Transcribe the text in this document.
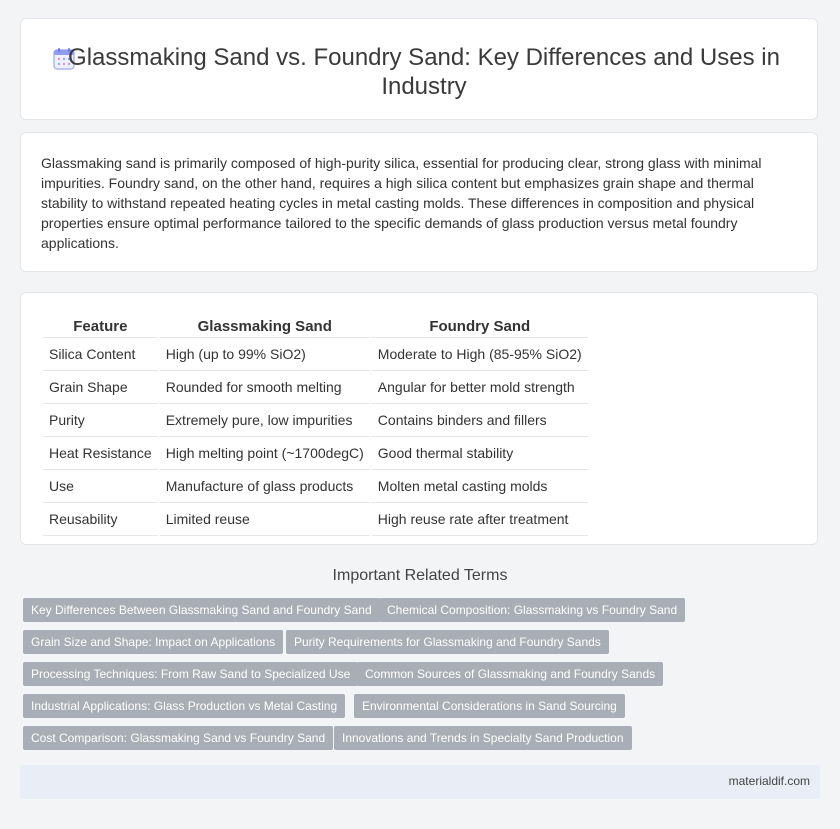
Glassmaking Sand vs. Foundry Sand: Key Differences and Uses in Industry

Glassmaking sand is primarily composed of high-purity silica, essential for producing clear, strong glass with minimal impurities. Foundry sand, on the other hand, requires a high silica content but emphasizes grain shape and thermal stability to withstand repeated heating cycles in metal casting molds. These differences in composition and physical properties ensure optimal performance tailored to the specific demands of glass production versus metal foundry applications.

Feature	Glassmaking Sand	Foundry Sand
Silica Content	High (up to 99% SiO2)	Moderate to High (85-95% SiO2)
Grain Shape	Rounded for smooth melting	Angular for better mold strength
Purity	Extremely pure, low impurities	Contains binders and fillers
Heat Resistance	High melting point (~1700degC)	Good thermal stability
Use	Manufacture of glass products	Molten metal casting molds
Reusability	Limited reuse	High reuse rate after treatment
Important Related Terms
Key Differences Between Glassmaking Sand and Foundry Sand	Chemical Composition: Glassmaking vs Foundry Sand
Grain Size and Shape: Impact on Applications	Purity Requirements for Glassmaking and Foundry Sands
Processing Techniques: From Raw Sand to Specialized Use	Common Sources of Glassmaking and Foundry Sands
Industrial Applications: Glass Production vs Metal Casting	Environmental Considerations in Sand Sourcing
Cost Comparison: Glassmaking Sand vs Foundry Sand	Innovations and Trends in Specialty Sand Production
materialdif.com
